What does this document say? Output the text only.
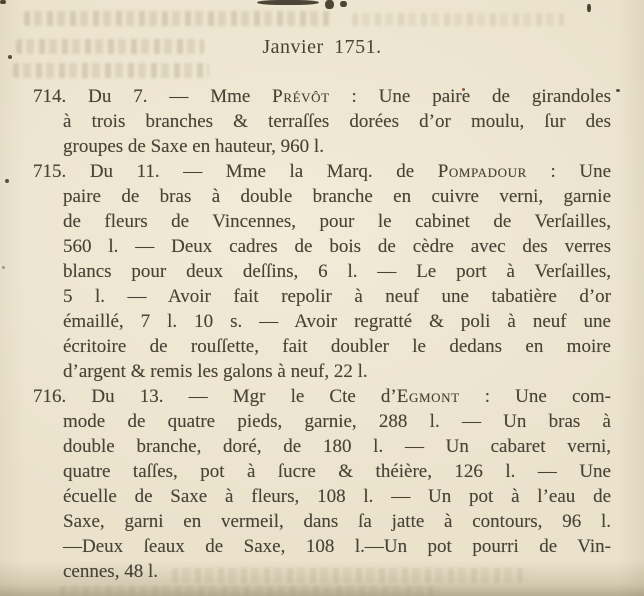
Janvier 1751.
714. Du 7. — Mme Prévôt : Une paire de girandoles
à trois branches & terraſſes dorées d’or moulu, ſur des
groupes de Saxe en hauteur, 960 l.
715. Du 11. — Mme la Marq. de Pompadour : Une
paire de bras à double branche en cuivre verni, garnie
de fleurs de Vincennes, pour le cabinet de Verſailles,
560 l. — Deux cadres de bois de cèdre avec des verres
blancs pour deux deſſins, 6 l. — Le port à Verſailles,
5 l. — Avoir fait repolir à neuf une tabatière d’or
émaillé, 7 l. 10 s. — Avoir regratté & poli à neuf une
écritoire de rouſſette, fait doubler le dedans en moire
d’argent & remis les galons à neuf, 22 l.
716. Du 13. — Mgr le Cte d’Egmont : Une com-
mode de quatre pieds, garnie, 288 l. — Un bras à
double branche, doré, de 180 l. — Un cabaret verni,
quatre taſſes, pot à ſucre & théière, 126 l. — Une
écuelle de Saxe à fleurs, 108 l. — Un pot à l’eau de
Saxe, garni en vermeil, dans ſa jatte à contours, 96 l.
—Deux ſeaux de Saxe, 108 l.—Un pot pourri de Vin-
cennes, 48 l.
